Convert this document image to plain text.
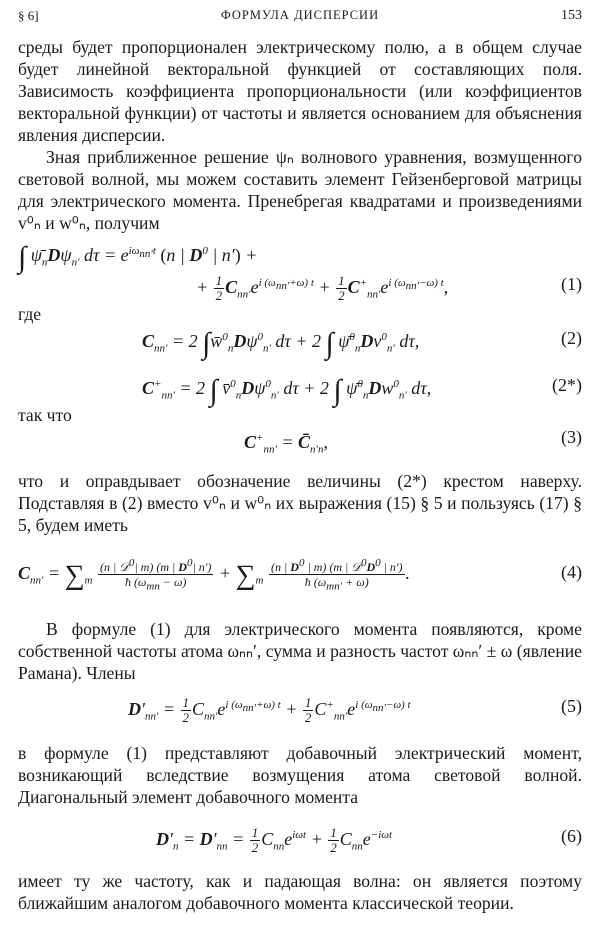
§ 6]	ФОРМУЛА ДИСПЕРСИИ	153
среды будет пропорционален электрическому полю, а в общем случае будет линейной векторальной функцией от составляющих поля. Зависимость коэффициента пропорциональности (или коэффициентов векторальной функции) от частоты и является основанием для объяснения явления дисперсии.
Зная приближенное решение ψₙ волнового уравнения, возмущенного световой волной, мы можем составить элемент Гейзенберговой матрицы для электрического момента. Пренебрегая квадратами и произведениями v⁰ₙ и w⁰ₙ, получим
∫ $\psī_nD\psi_{n'}$ $d\tau = e^{i\omega_{nn'}t}$ (n | $D^0$ | n′) +
+ $\frac{1}{2} C_{nn'}e^{i (\omega_{nn'}+\omega) t} + \frac{1}{2} C^+_{nn'}e^{i (\omega_{nn'}-\omega) t}$,	(1)
где
$C_{nn'} = 2$ $\int w̄^0_nD\psi^0_{n'}$ dτ + 2 ∫ $\psī^0_nDv^0_{n'}$ dτ,	(2)
$C^+_{nn'} = 2$ ∫ $v̄^0_nD\psi^0_{n'}$ dτ + 2 ∫ $\psī^0_nDw^0_{n'}$ dτ,	(2*)
так что
$C^+_{nn'}$ = $C̄_{n'n}$,	(3)
что и оправдывает обозначение величины (2*) крестом наверху. Подставляя в (2) вместо v⁰ₙ и w⁰ₙ их выражения (15) § 5 и пользуясь (17) § 5, будем иметь
$C_{nn'} = \sum_m \frac{(n | 𝒟^0| m) (m | D^0| n')}{ħ (\omega_{mn} - \omega)} + \sum_m \frac{(n | D^0 | m) (m | 𝒟^0D^0 | n')}{ħ (\omega_{mn'} + \omega)}$ .	(4)
В формуле (1) для электрического момента появляются, кроме собственной частоты атома ωₙₙ′, сумма и разность частот ωₙₙ′ ± ω (явление Рамана). Члены
$D'_{nn'} = \frac{1}{2} C_{nn'}e^{i (\omega_{nn'}+\omega) t} + \frac{1}{2} C^+_{nn'}e^{i (\omega_{nn'}-\omega) t}$	(5)
в формуле (1) представляют добавочный электрический момент, возникающий вследствие возмущения атома световой волной. Диагональный элемент добавочного момента
$D'_n = D'_{nn} = \frac{1}{2} C_{nn}e^{i\omega t} + \frac{1}{2} C_{nn}e^{-i\omega t}$	(6)
имеет ту же частоту, как и падающая волна: он является поэтому ближайшим аналогом добавочного момента классической теории.
